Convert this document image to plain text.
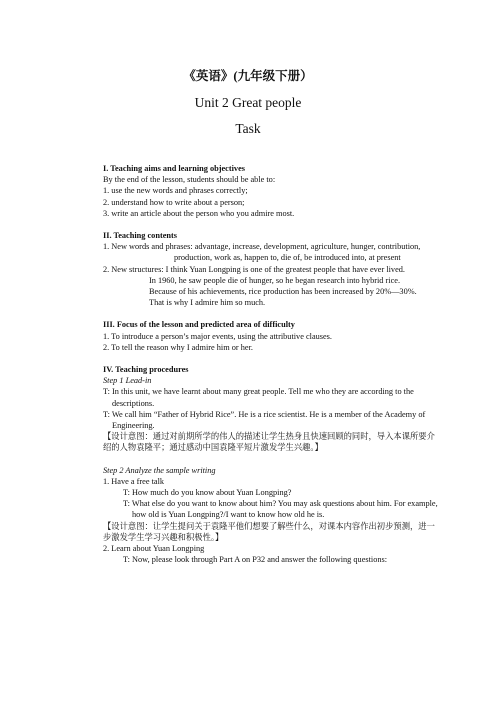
《英语》(九年级下册）
Unit 2 Great people
Task
I. Teaching aims and learning objectives
By the end of the lesson, students should be able to:
1. use the new words and phrases correctly;
2. understand how to write about a person;
3. write an article about the person who you admire most.
II. Teaching contents
1. New words and phrases: advantage, increase, development, agriculture, hunger, contribution,
production, work as, happen to, die of, be introduced into, at present
2. New structures: I think Yuan Longping is one of the greatest people that have ever lived.
In 1960, he saw people die of hunger, so he began research into hybrid rice.
Because of his achievements, rice production has been increased by 20%—30%.
That is why I admire him so much.
III. Focus of the lesson and predicted area of difficulty
1. To introduce a person’s major events, using the attributive clauses.
2. To tell the reason why I admire him or her.
IV. Teaching procedures
Step 1 Lead-in
T: In this unit, we have learnt about many great people. Tell me who they are according to the
descriptions.
T: We call him “Father of Hybrid Rice”. He is a rice scientist. He is a member of the Academy of
Engineering.
【设计意图：通过对前期所学的伟人的描述让学生热身且快速回顾的同时，导入本课所要介
绍的人物袁隆平；通过感动中国袁隆平短片激发学生兴趣。】
Step 2 Analyze the sample writing
1. Have a free talk
T: How much do you know about Yuan Longping?
T: What else do you want to know about him? You may ask questions about him. For example,
how old is Yuan Longping?/I want to know how old he is.
【设计意图：让学生提问关于袁隆平他们想要了解些什么，对课本内容作出初步预测，进一
步激发学生学习兴趣和积极性。】
2. Learn about Yuan Longping
T: Now, please look through Part A on P32 and answer the following questions:
